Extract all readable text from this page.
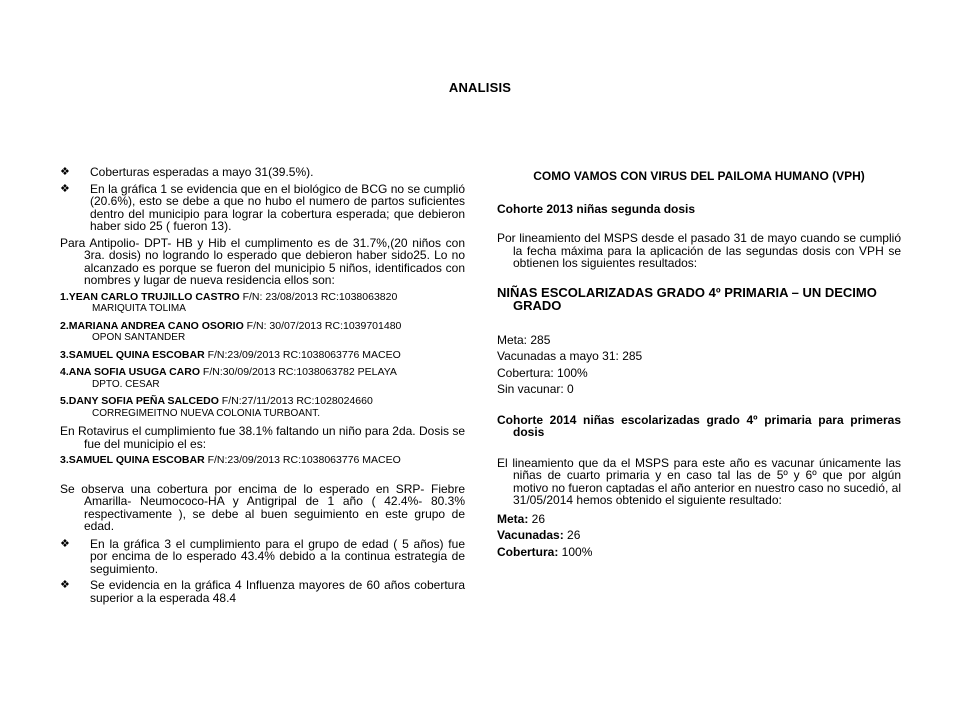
ANALISIS
❖ Coberturas esperadas a mayo 31(39.5%).
❖ En la gráfica 1 se evidencia que en el biológico de BCG no se cumplió (20.6%), esto se debe a que no hubo el numero de partos suficientes dentro del municipio para lograr la cobertura esperada; que debieron haber sido 25 ( fueron 13).
Para Antipolio- DPT- HB y Hib el cumplimento es de 31.7%,(20 niños con 3ra. dosis) no logrando lo esperado que debieron haber sido25. Lo no alcanzado es porque se fueron del municipio 5 niños, identificados con nombres y lugar de nueva residencia ellos son:
1.YEAN CARLO TRUJILLO CASTRO F/N: 23/08/2013 RC:1038063820
MARIQUITA TOLIMA
2.MARIANA ANDREA CANO OSORIO F/N: 30/07/2013 RC:1039701480
OPON SANTANDER
3.SAMUEL QUINA ESCOBAR F/N:23/09/2013 RC:1038063776 MACEO
4.ANA SOFIA USUGA CARO F/N:30/09/2013 RC:1038063782 PELAYA
DPTO. CESAR
5.DANY SOFIA PEÑA SALCEDO F/N:27/11/2013 RC:1028024660
CORREGIMEITNO NUEVA COLONIA TURBOANT.
En Rotavirus el cumplimiento fue 38.1% faltando un niño para 2da. Dosis se fue del municipio el es:
3.SAMUEL QUINA ESCOBAR F/N:23/09/2013 RC:1038063776 MACEO
Se observa una cobertura por encima de lo esperado en SRP- Fiebre Amarilla- Neumococo-HA y Antigripal de 1 año ( 42.4%- 80.3% respectivamente ), se debe al buen seguimiento en este grupo de edad.
❖ En la gráfica 3 el cumplimiento para el grupo de edad ( 5 años) fue por encima de lo esperado 43.4% debido a la continua estrategia de seguimiento.
❖ Se evidencia en la gráfica 4 Influenza mayores de 60 años cobertura superior a la esperada 48.4
COMO VAMOS CON VIRUS DEL PAILOMA HUMANO (VPH)
Cohorte 2013 niñas segunda dosis
Por lineamiento del MSPS desde el pasado 31 de mayo cuando se cumplió la fecha máxima para la aplicación de las segundas dosis con VPH se obtienen los siguientes resultados:
NIÑAS ESCOLARIZADAS GRADO 4º PRIMARIA – UN DECIMO GRADO
Meta: 285
Vacunadas a mayo 31: 285
Cobertura: 100%
Sin vacunar: 0
Cohorte 2014 niñas escolarizadas grado 4º primaria para primeras dosis
El lineamiento que da el MSPS para este año es vacunar únicamente las niñas de cuarto primaria y en caso tal las de 5º y 6º que por algún motivo no fueron captadas el año anterior en nuestro caso no sucedió, al 31/05/2014 hemos obtenido el siguiente resultado:
Meta: 26
Vacunadas: 26
Cobertura: 100%
